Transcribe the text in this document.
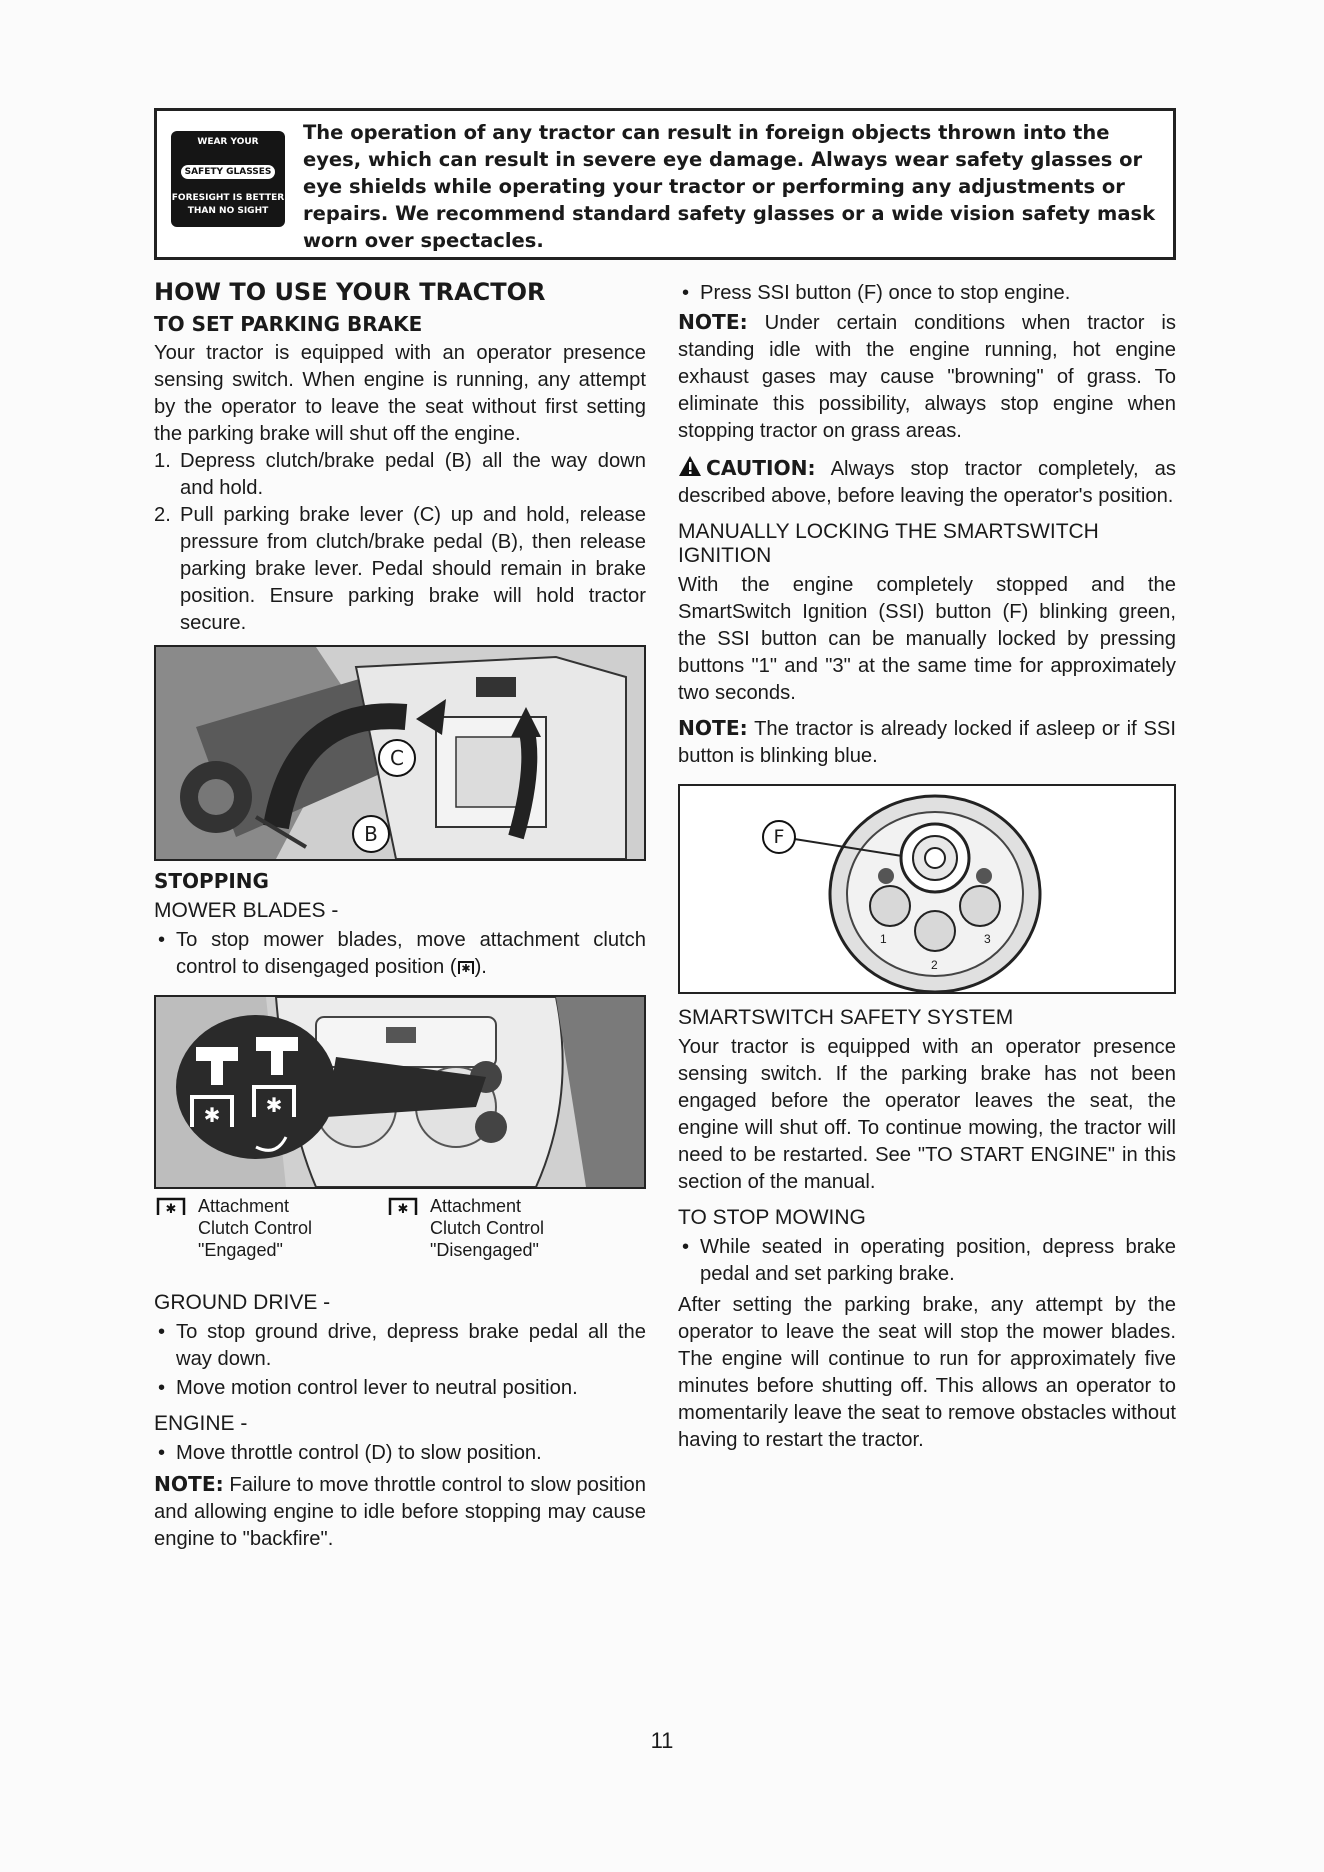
WEAR YOUR
SAFETY GLASSES
FORESIGHT IS BETTER
THAN NO SIGHT
The operation of any tractor can result in foreign objects thrown into the eyes, which can result in severe eye damage. Always wear safety glasses or eye shields while operating your tractor or performing any adjustments or repairs. We recommend standard safety glasses or a wide vision safety mask worn over spectacles.
HOW TO USE YOUR TRACTOR
TO SET PARKING BRAKE

Your tractor is equipped with an operator presence sensing switch. When engine is running, any attempt by the operator to leave the seat without first setting the parking brake will shut off the engine.

1. Depress clutch/brake pedal (B) all the way down and hold.
2. Pull parking brake lever (C) up and hold, release pressure from clutch/brake pedal (B), then release parking brake lever. Pedal should remain in brake position. Ensure parking brake will hold tractor secure.
C
B
STOPPING
MOWER BLADES -
• To stop mower blades, move attachment clutch control to disengaged position ( ✱ ).
✱ ✱
✱ Attachment
Clutch Control
"Engaged"
✱ Attachment
Clutch Control
"Disengaged"
GROUND DRIVE -
• To stop ground drive, depress brake pedal all the way down.
• Move motion control lever to neutral position.
ENGINE -
• Move throttle control (D) to slow position.

NOTE: Failure to move throttle control to slow position and allowing engine to idle before stopping may cause engine to "backfire".

• Press SSI button (F) once to stop engine.

NOTE: Under certain conditions when tractor is standing idle with the engine running, hot engine exhaust gases may cause "browning" of grass. To eliminate this possibility, always stop engine when stopping tractor on grass areas.

CAUTION: Always stop tractor completely, as described above, before leaving the operator's position.

MANUALLY LOCKING THE SMARTSWITCH IGNITION

With the engine completely stopped and the SmartSwitch Ignition (SSI) button (F) blinking green, the SSI button can be manually locked by pressing buttons "1" and "3" at the same time for approximately two seconds.

NOTE: The tractor is already locked if asleep or if SSI button is blinking blue.

F
1
2
3
SMARTSWITCH SAFETY SYSTEM

Your tractor is equipped with an operator presence sensing switch. If the parking brake has not been engaged before the operator leaves the seat, the engine will shut off. To continue mowing, the tractor will need to be restarted. See "TO START ENGINE" in this section of the manual.

TO STOP MOWING
• While seated in operating position, depress brake pedal and set parking brake.

After setting the parking brake, any attempt by the operator to leave the seat will stop the mower blades. The engine will continue to run for approximately five minutes before shutting off. This allows an operator to momentarily leave the seat to remove obstacles without having to restart the tractor.

11
